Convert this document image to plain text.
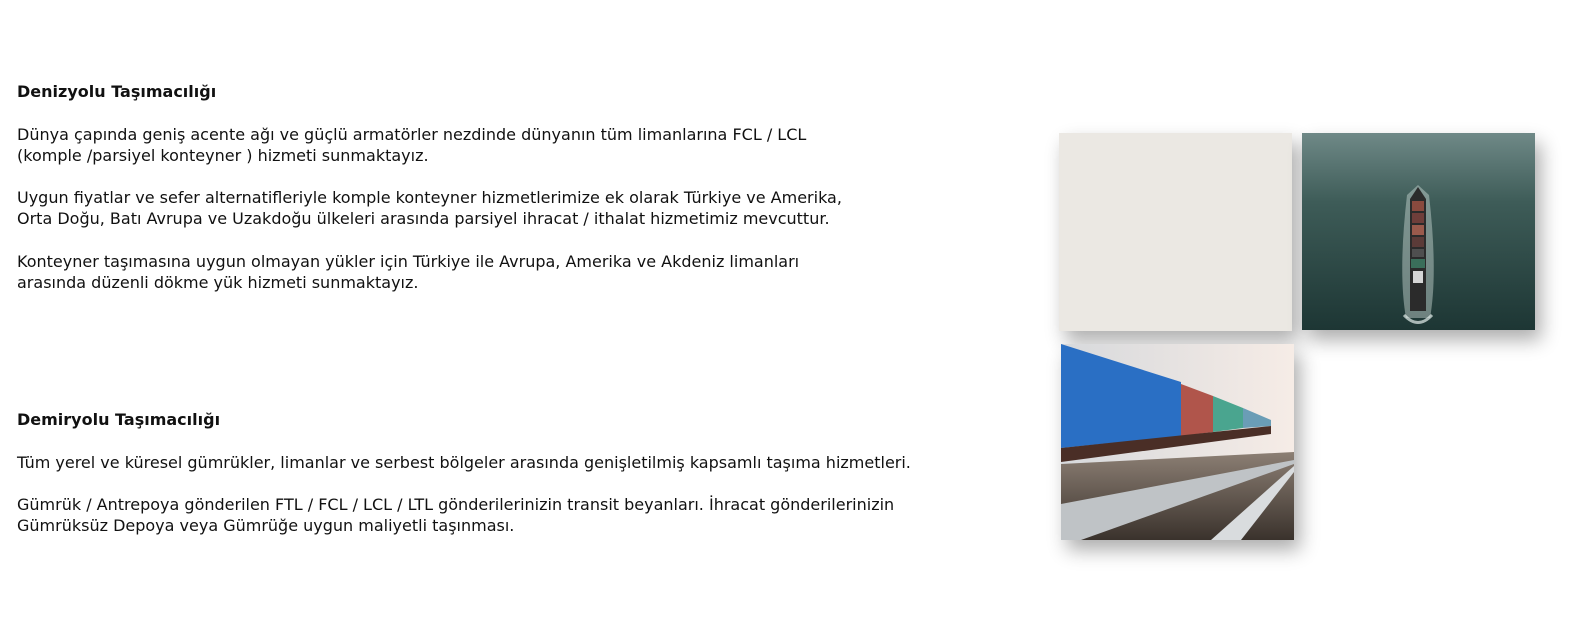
Denizyolu Taşımacılığı

Dünya çapında geniş acente ağı ve güçlü armatörler nezdinde dünyanın tüm limanlarına FCL / LCL
(komple /parsiyel konteyner ) hizmeti sunmaktayız.

Uygun fiyatlar ve sefer alternatifleriyle komple konteyner hizmetlerimize ek olarak Türkiye ve Amerika,
Orta Doğu, Batı Avrupa ve Uzakdoğu ülkeleri arasında parsiyel ihracat / ithalat hizmetimiz mevcuttur.

Konteyner taşımasına uygun olmayan yükler için Türkiye ile Avrupa, Amerika ve Akdeniz limanları
arasında düzenli dökme yük hizmeti sunmaktayız.

Demiryolu Taşımacılığı

Tüm yerel ve küresel gümrükler, limanlar ve serbest bölgeler arasında genişletilmiş kapsamlı taşıma hizmetleri.

Gümrük / Antrepoya gönderilen FTL / FCL / LCL / LTL gönderilerinizin transit beyanları. İhracat gönderilerinizin
Gümrüksüz Depoya veya Gümrüğe uygun maliyetli taşınması.
